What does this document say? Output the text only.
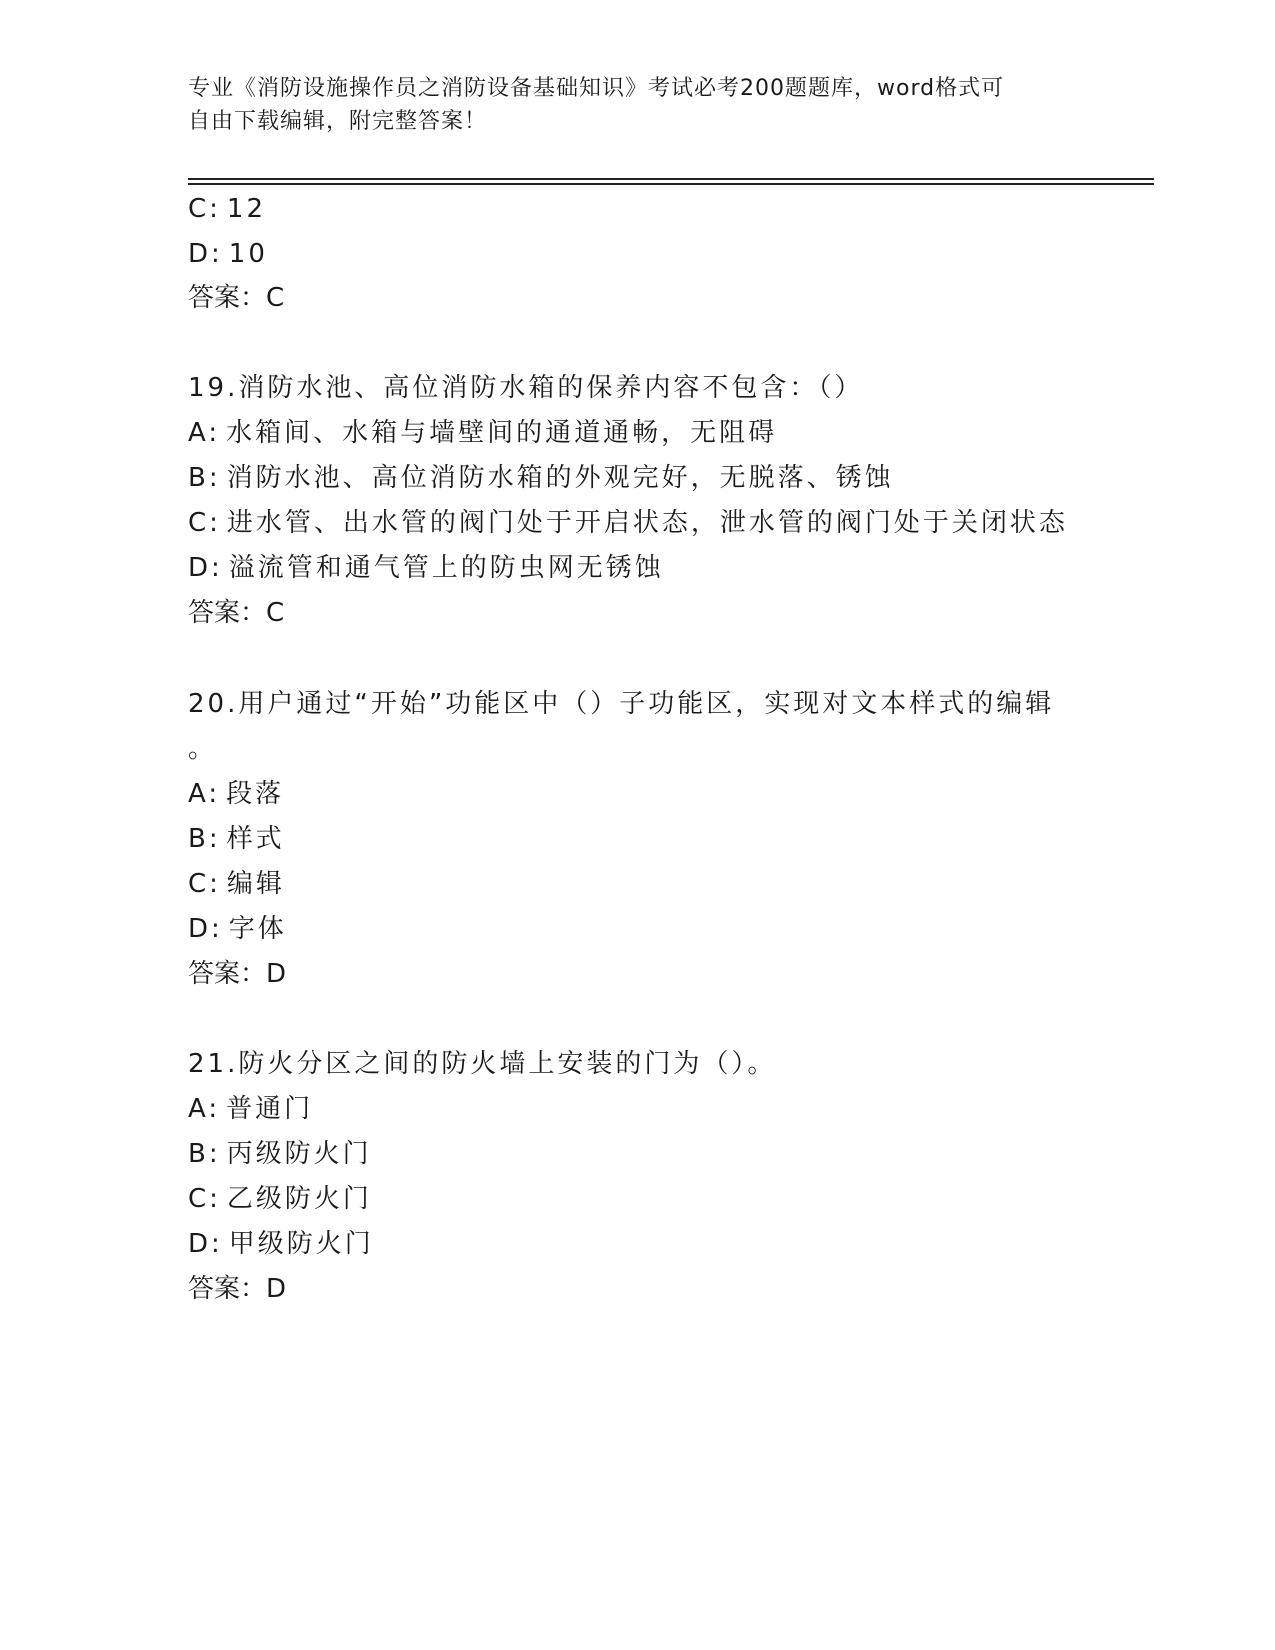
专业《消防设施操作员之消防设备基础知识》考试必考200题题库，word格式可
自由下载编辑，附完整答案！
C: 12
D: 10
答案：C
19.消防水池、高位消防水箱的保养内容不包含：（）
A: 水箱间、水箱与墙壁间的通道通畅，无阻碍
B: 消防水池、高位消防水箱的外观完好，无脱落、锈蚀
C: 进水管、出水管的阀门处于开启状态，泄水管的阀门处于关闭状态
D: 溢流管和通气管上的防虫网无锈蚀
答案：C
20.用户通过“开始”功能区中（）子功能区，实现对文本样式的编辑
。
A: 段落
B: 样式
C: 编辑
D: 字体
答案：D
21.防火分区之间的防火墙上安装的门为（）。
A: 普通门
B: 丙级防火门
C: 乙级防火门
D: 甲级防火门
答案：D
